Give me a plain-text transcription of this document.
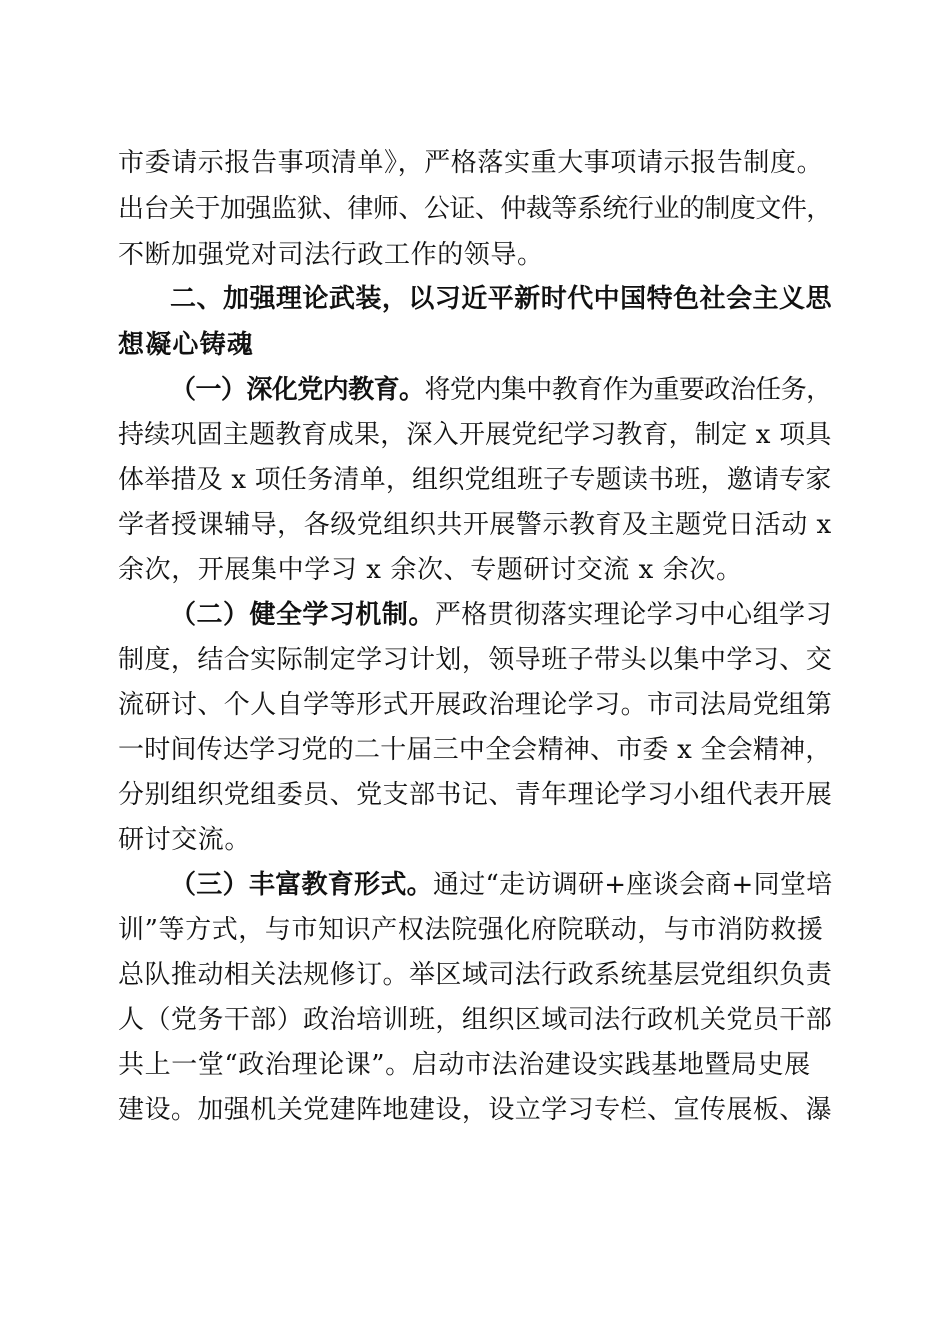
市委请示报告事项清单》，严格落实重大事项请示报告制度。
出台关于加强监狱、律师、公证、仲裁等系统行业的制度文件，
不断加强党对司法行政工作的领导。
二、加强理论武装，以习近平新时代中国特色社会主义思
想凝心铸魂
（一）深化党内教育。将党内集中教育作为重要政治任务，
持续巩固主题教育成果，深入开展党纪学习教育，制定 x 项具
体举措及 x 项任务清单，组织党组班子专题读书班，邀请专家
学者授课辅导，各级党组织共开展警示教育及主题党日活动 x
余次，开展集中学习 x 余次、专题研讨交流 x 余次。
（二）健全学习机制。严格贯彻落实理论学习中心组学习
制度，结合实际制定学习计划，领导班子带头以集中学习、交
流研讨、个人自学等形式开展政治理论学习。市司法局党组第
一时间传达学习党的二十届三中全会精神、市委 x 全会精神，
分别组织党组委员、党支部书记、青年理论学习小组代表开展
研讨交流。
（三）丰富教育形式。通过“走访调研+座谈会商+同堂培
训”等方式，与市知识产权法院强化府院联动，与市消防救援
总队推动相关法规修订。举区域司法行政系统基层党组织负责
人（党务干部）政治培训班，组织区域司法行政机关党员干部
共上一堂“政治理论课”。启动市法治建设实践基地暨局史展
建设。加强机关党建阵地建设，设立学习专栏、宣传展板、瀑
